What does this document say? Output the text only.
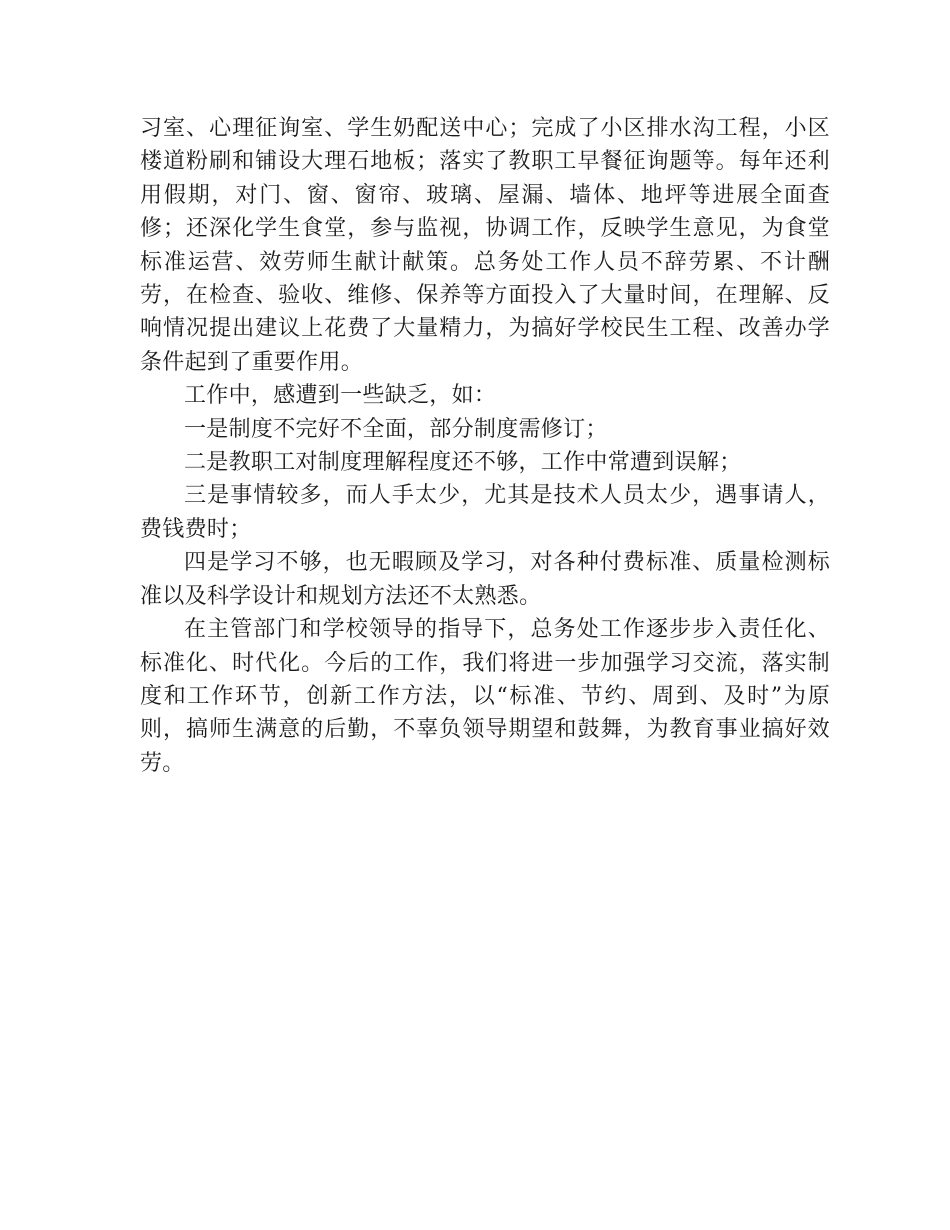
习室、心理征询室、学生奶配送中心；完成了小区排水沟工程，小区楼道粉刷和铺设大理石地板；落实了教职工早餐征询题等。每年还利用假期，对门、窗、窗帘、玻璃、屋漏、墙体、地坪等进展全面查修；还深化学生食堂，参与监视，协调工作，反映学生意见，为食堂标准运营、效劳师生献计献策。总务处工作人员不辞劳累、不计酬劳，在检查、验收、维修、保养等方面投入了大量时间，在理解、反响情况提出建议上花费了大量精力，为搞好学校民生工程、改善办学条件起到了重要作用。

工作中，感遭到一些缺乏，如：

一是制度不完好不全面，部分制度需修订；

二是教职工对制度理解程度还不够，工作中常遭到误解；

三是事情较多，而人手太少，尤其是技术人员太少，遇事请人，费钱费时；

四是学习不够，也无暇顾及学习，对各种付费标准、质量检测标准以及科学设计和规划方法还不太熟悉。

在主管部门和学校领导的指导下，总务处工作逐步步入责任化、标准化、时代化。今后的工作，我们将进一步加强学习交流，落实制度和工作环节，创新工作方法，以“标准、节约、周到、及时”为原则，搞师生满意的后勤，不辜负领导期望和鼓舞，为教育事业搞好效劳。
